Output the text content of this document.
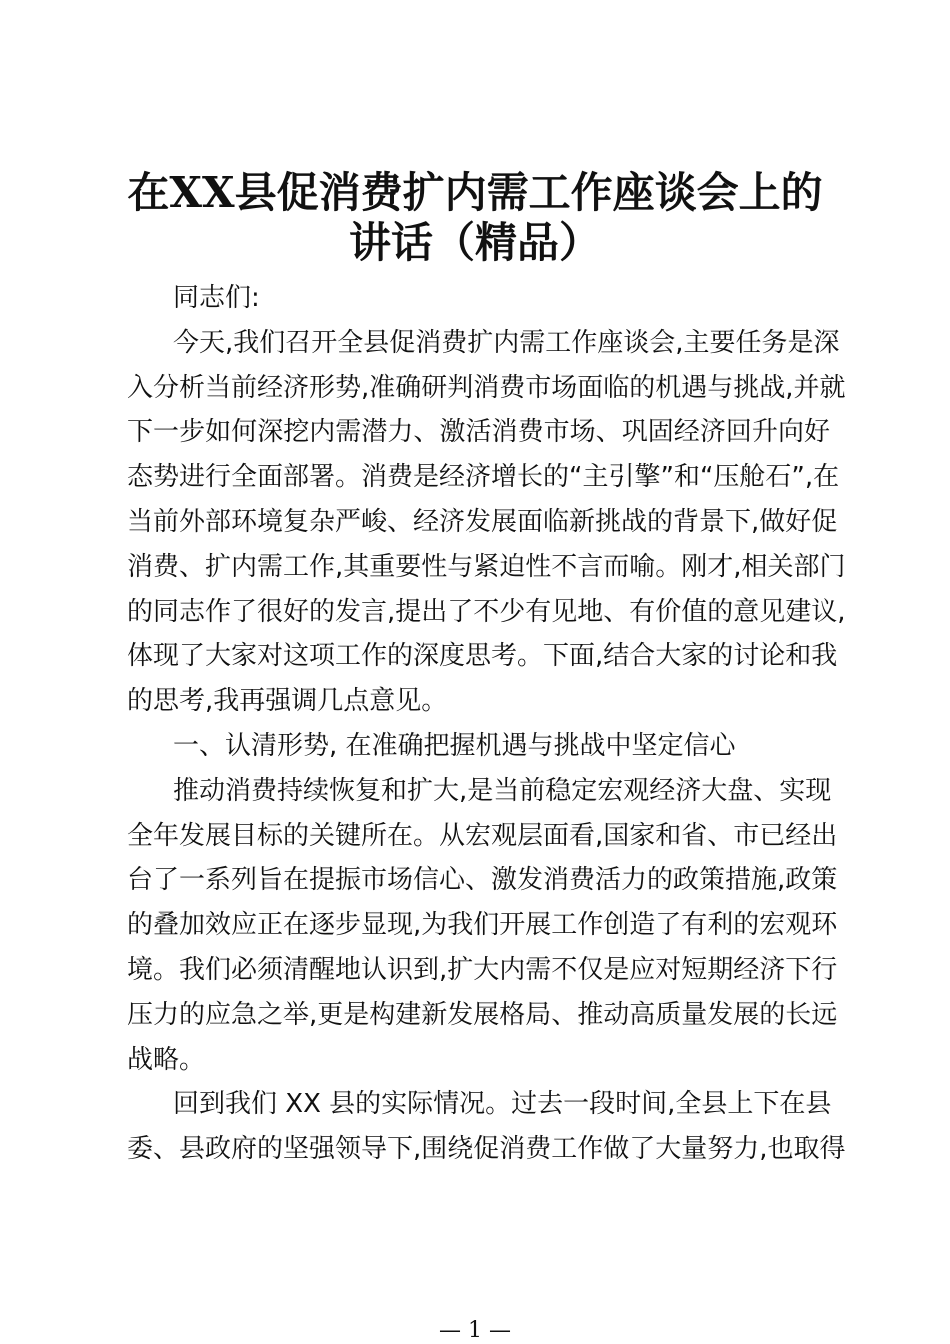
在XX县促消费扩内需工作座谈会上的
讲话（精品）
同志们:
今天,我们召开全县促消费扩内需工作座谈会,主要任务是深
入分析当前经济形势,准确研判消费市场面临的机遇与挑战,并就
下一步如何深挖内需潜力、激活消费市场、巩固经济回升向好
态势进行全面部署。消费是经济增长的“主引擎”和“压舱石”,在
当前外部环境复杂严峻、经济发展面临新挑战的背景下,做好促
消费、扩内需工作,其重要性与紧迫性不言而喻。刚才,相关部门
的同志作了很好的发言,提出了不少有见地、有价值的意见建议,
体现了大家对这项工作的深度思考。下面,结合大家的讨论和我
的思考,我再强调几点意见。
一、认清形势, 在准确把握机遇与挑战中坚定信心
推动消费持续恢复和扩大,是当前稳定宏观经济大盘、实现
全年发展目标的关键所在。从宏观层面看,国家和省、市已经出
台了一系列旨在提振市场信心、激发消费活力的政策措施,政策
的叠加效应正在逐步显现,为我们开展工作创造了有利的宏观环
境。我们必须清醒地认识到,扩大内需不仅是应对短期经济下行
压力的应急之举,更是构建新发展格局、推动高质量发展的长远
战略。
回到我们 XX 县的实际情况。过去一段时间,全县上下在县
委、县政府的坚强领导下,围绕促消费工作做了大量努力,也取得
— 1 —
